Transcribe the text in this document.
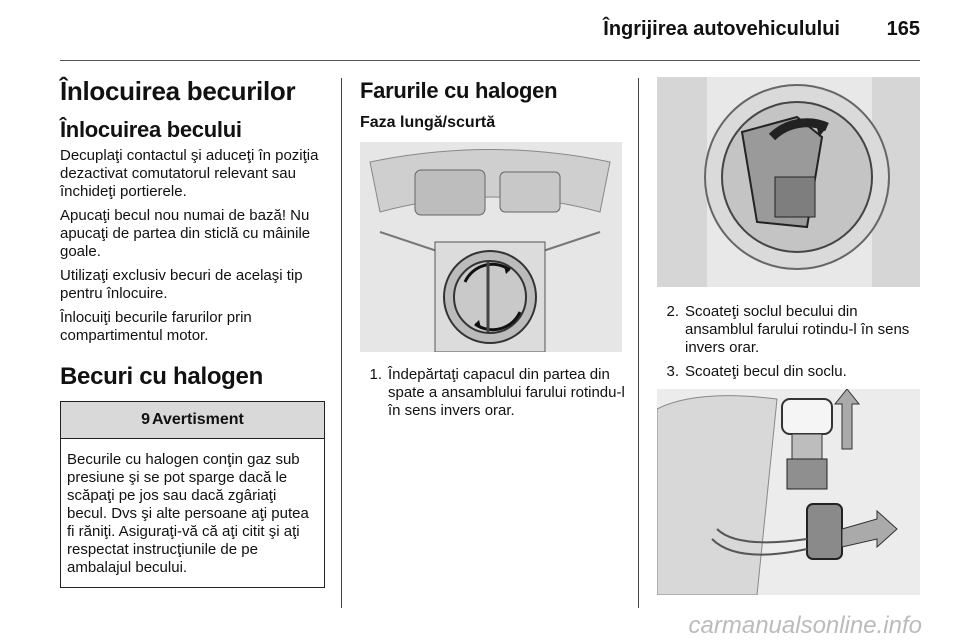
Îngrijirea autovehiculului 165
Înlocuirea becurilor
Înlocuirea becului

Decuplaţi contactul şi aduceţi în poziţia dezactivat comutatorul relevant sau închideţi portierele.

Apucaţi becul nou numai de bază! Nu apucaţi de partea din sticlă cu mâinile goale.

Utilizaţi exclusiv becuri de acelaşi tip pentru înlocuire.

Înlocuiţi becurile farurilor prin compartimentul motor.

Becuri cu halogen
9 Avertisment
Becurile cu halogen conţin gaz sub presiune şi se pot sparge dacă le scăpaţi pe jos sau dacă zgâriaţi becul. Dvs şi alte persoane aţi putea fi răniţi. Asiguraţi-vă că aţi citit şi aţi respectat instrucţiunile de pe ambalajul becului.
Farurile cu halogen
Faza lungă/scurtă
1. Îndepărtaţi capacul din partea din spate a ansamblului farului rotindu-l în sens invers orar.
2. Scoateţi soclul becului din ansamblul farului rotindu-l în sens invers orar.
3. Scoateţi becul din soclu.
carmanualsonline.info
